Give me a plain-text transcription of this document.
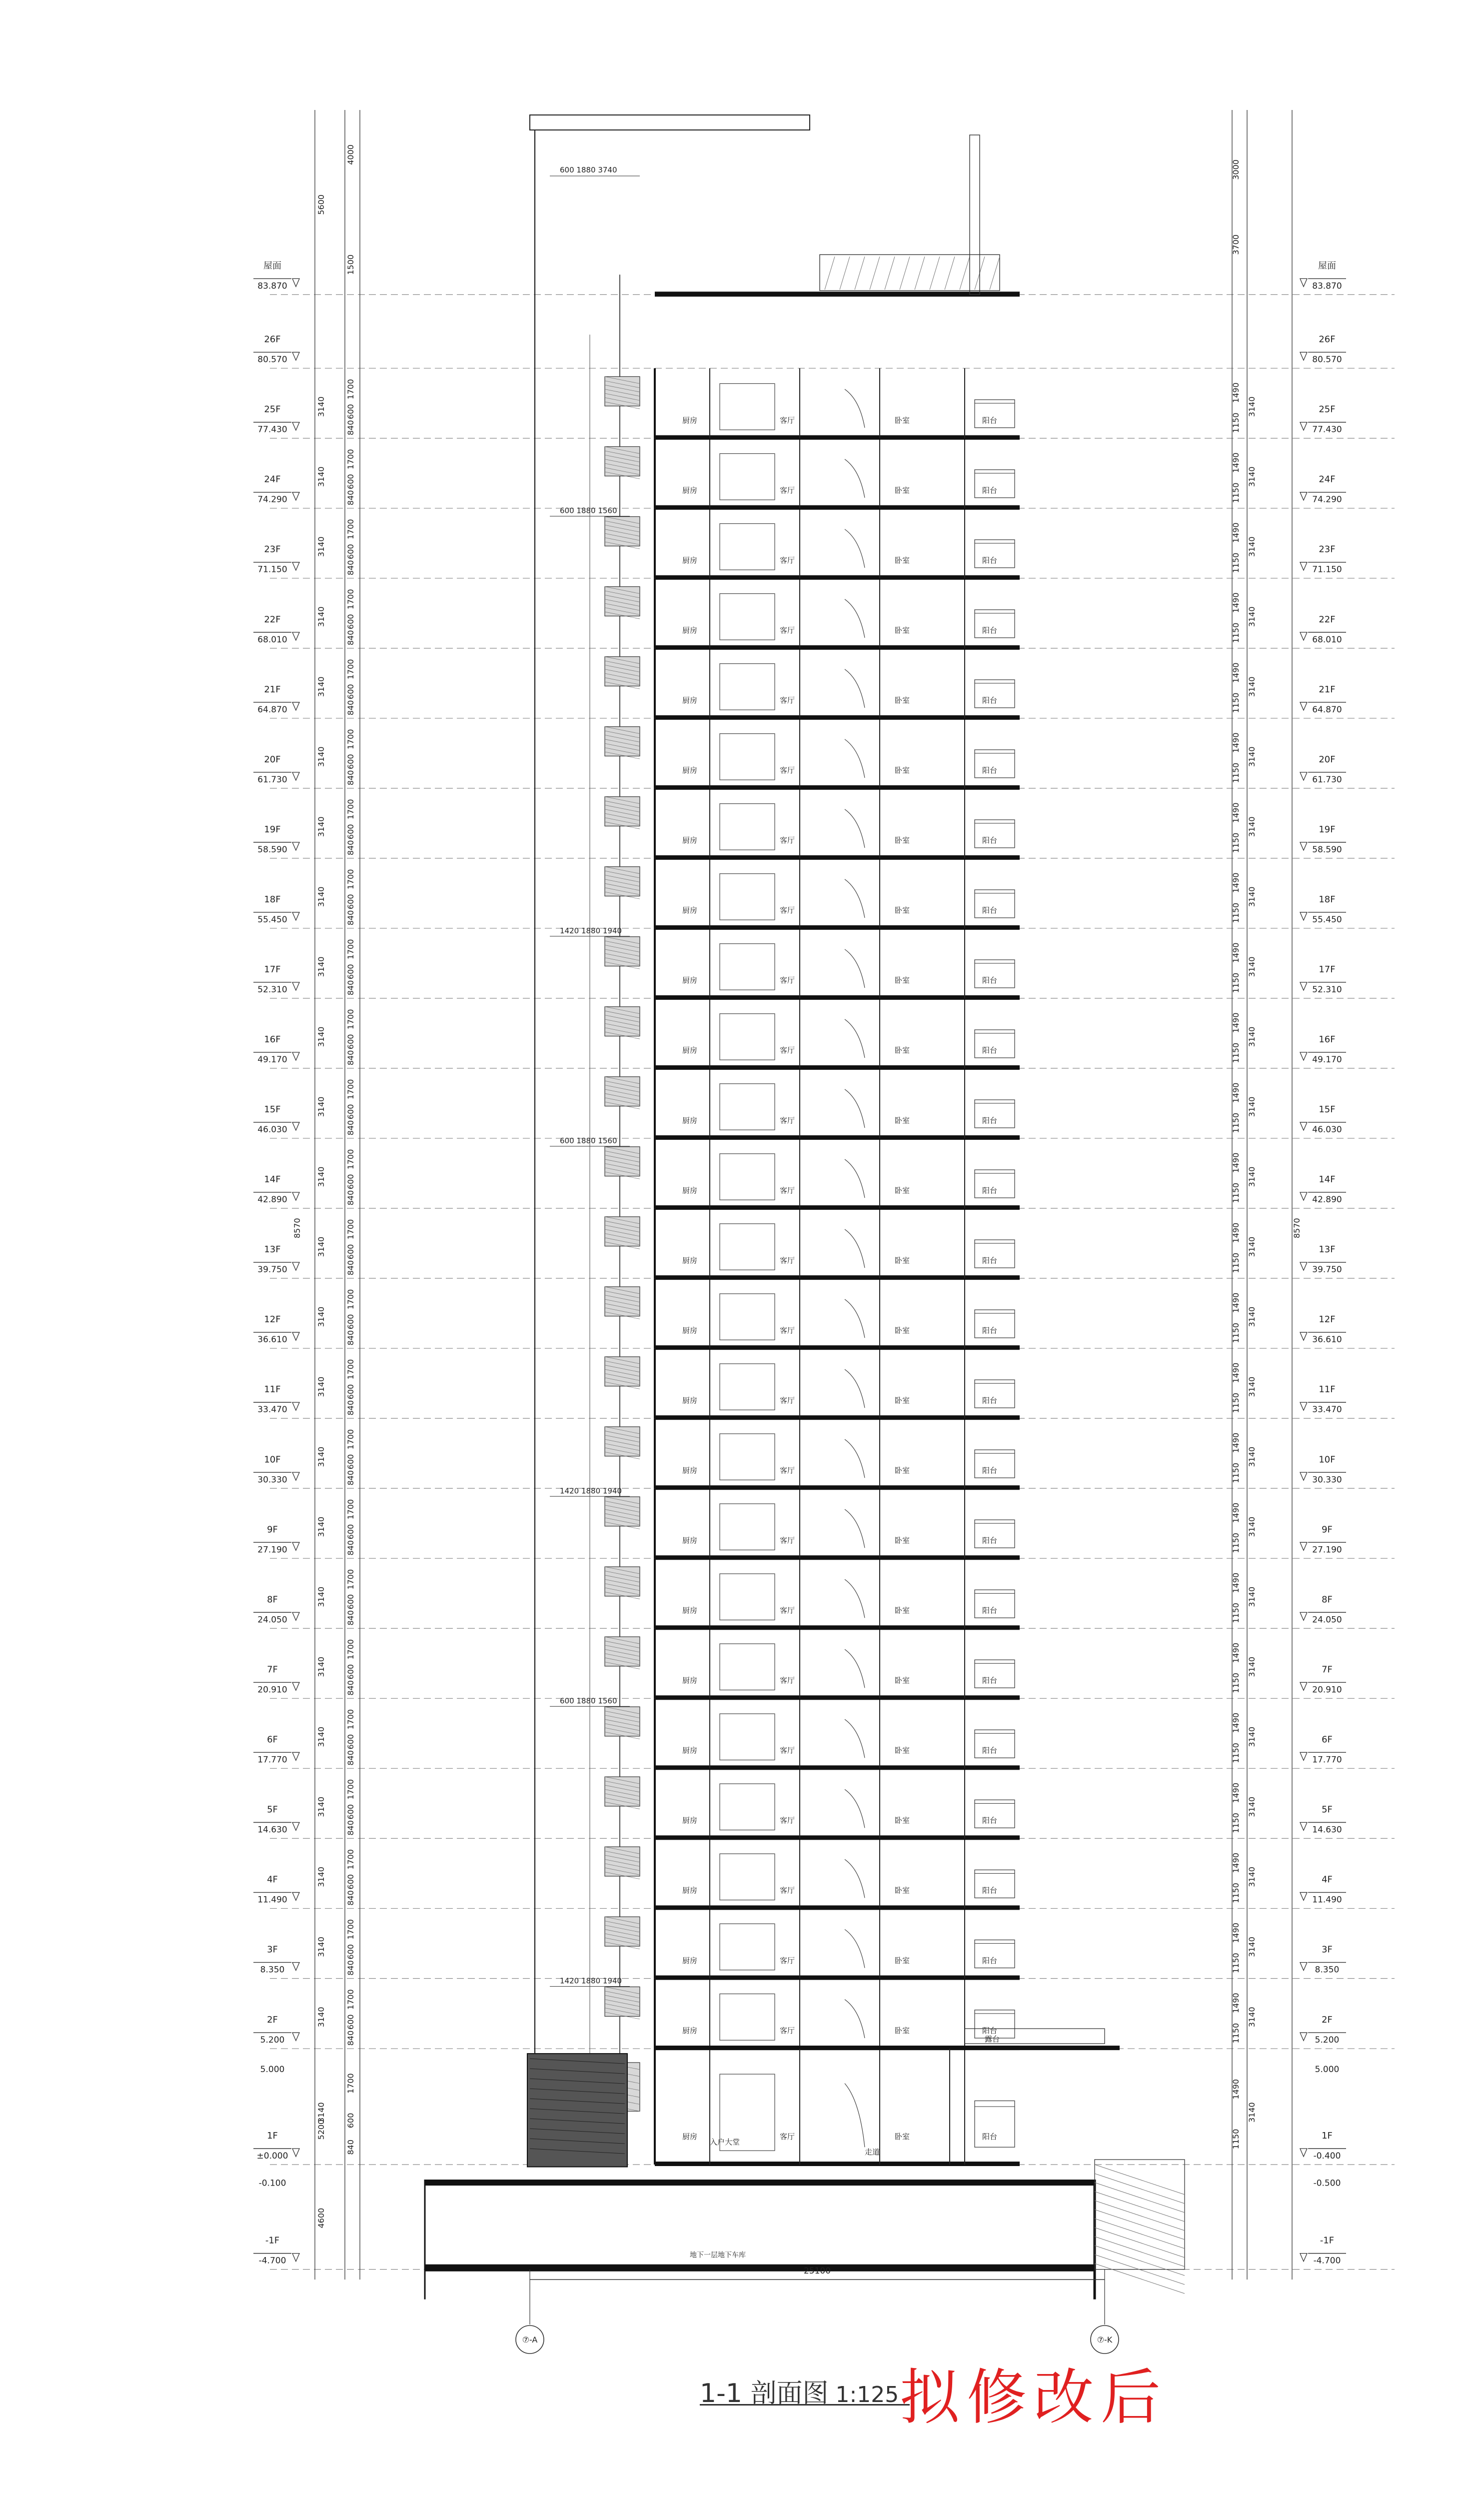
1F
±0.000
2F
5.200
3F
8.350
4F
11.490
5F
14.630
6F
17.770
7F
20.910
8F
24.050
9F
27.190
10F
30.330
11F
33.470
12F
36.610
13F
39.750
14F
42.890
15F
46.030
16F
49.170
17F
52.310
18F
55.450
19F
58.590
20F
61.730
21F
64.870
22F
68.010
23F
71.150
24F
74.290
25F
77.430
26F
80.570
屋面
83.870
-1F
-4.700
-0.100
5.000
3140
1700
600
840
3140
1700
600
840
3140
1700
600
840
3140
1700
600
840
3140
1700
600
840
3140
1700
600
840
3140
1700
600
840
3140
1700
600
840
3140
1700
600
840
3140
1700
600
840
3140
1700
600
840
3140
1700
600
840
3140
1700
600
840
3140
1700
600
840
3140
1700
600
840
3140
1700
600
840
3140
1700
600
840
3140
1700
600
840
3140
1700
600
840
3140
1700
600
840
3140
1700
600
840
3140
1700
600
840
3140
1700
600
840
3140
1700
600
840
3140
1700
600
840
5200
4600
5600
4000
1500
8570
1F
-0.400
2F
5.200
3F
8.350
4F
11.490
5F
14.630
6F
17.770
7F
20.910
8F
24.050
9F
27.190
10F
30.330
11F
33.470
12F
36.610
13F
39.750
14F
42.890
15F
46.030
16F
49.170
17F
52.310
18F
55.450
19F
58.590
20F
61.730
21F
64.870
22F
68.010
23F
71.150
24F
74.290
25F
77.430
26F
80.570
屋面
83.870
-1F
-4.700
-0.500
5.000
1490
1150
3140
1490
1150
3140
1490
1150
3140
1490
1150
3140
1490
1150
3140
1490
1150
3140
1490
1150
3140
1490
1150
3140
1490
1150
3140
1490
1150
3140
1490
1150
3140
1490
1150
3140
1490
1150
3140
1490
1150
3140
1490
1150
3140
1490
1150
3140
1490
1150
3140
1490
1150
3140
1490
1150
3140
1490
1150
3140
1490
1150
3140
1490
1150
3140
1490
1150
3140
1490
1150
3140
1490
1150
3140
8570
3000
3700
600 1880 1560
1420 1880 1940
600 1880 1560
1420 1880 1940
600 1880 1560
1420 1880 1940
600 1880 3740
厨房	客厅	卧室	阳台
厨房	客厅	卧室	阳台
厨房	客厅	卧室	阳台
厨房	客厅	卧室	阳台
厨房	客厅	卧室	阳台
厨房	客厅	卧室	阳台
厨房	客厅	卧室	阳台
厨房	客厅	卧室	阳台
厨房	客厅	卧室	阳台
厨房	客厅	卧室	阳台
厨房	客厅	卧室	阳台
厨房	客厅	卧室	阳台
厨房	客厅	卧室	阳台
厨房	客厅	卧室	阳台
厨房	客厅	卧室	阳台
厨房	客厅	卧室	阳台
厨房	客厅	卧室	阳台
厨房	客厅	卧室	阳台
厨房	客厅	卧室	阳台
厨房	客厅	卧室	阳台
厨房	客厅	卧室	阳台
厨房	客厅	卧室	阳台
厨房	客厅	卧室	阳台
厨房	客厅	卧室	阳台
厨房	客厅	卧室	阳台
入户大堂
走道
露台
地下一层地下车库
25100
⑦-A	⑦-K
1-1 剖面图 1:125 拟修改后
